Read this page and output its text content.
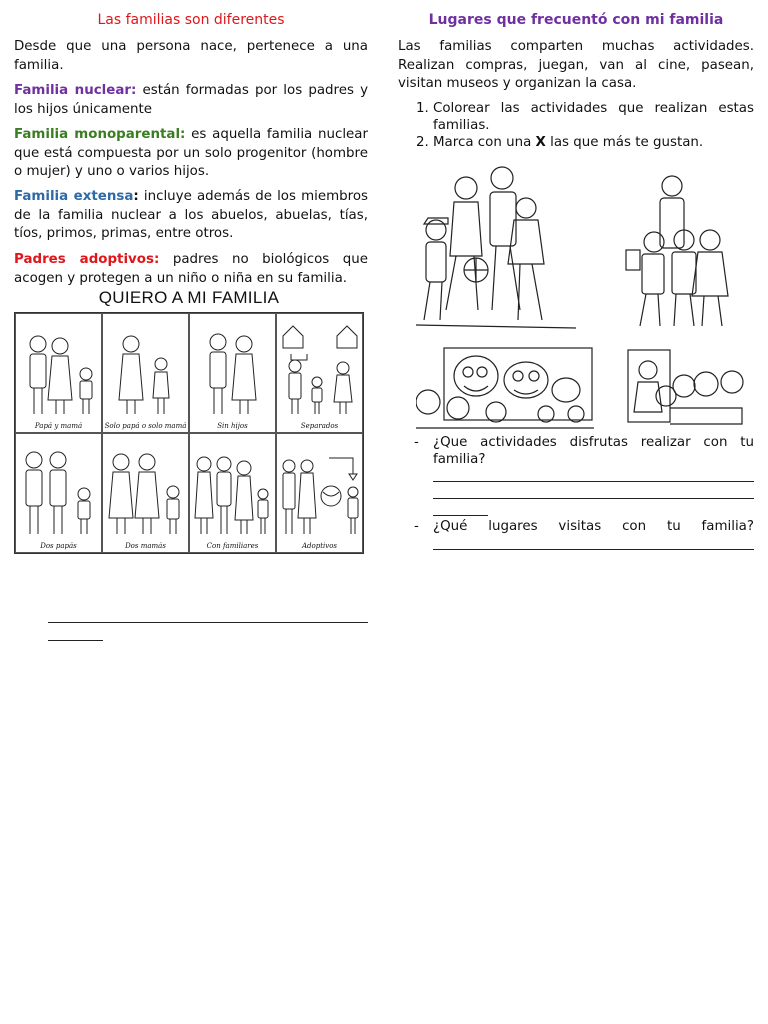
Las familias son diferentes

Desde que una persona nace, pertenece a una familia.

Familia nuclear: están formadas por los padres y los hijos únicamente

Familia monoparental: es aquella familia nuclear que está compuesta por un solo progenitor (hombre o mujer) y uno o varios hijos.

Familia extensa: incluye además de los miembros de la familia nuclear a los abuelos, abuelas, tías, tíos, primos, primas, entre otros.

Padres adoptivos: padres no biológicos que acogen y protegen a un niño o niña en su familia.

QUIERO A MI FAMILIA
Papá y mamá	Solo papá o solo mamá	Sin hijos	Separados
Dos papás	Dos mamás	Con familiares	Adoptivos
Lugares que frecuentó con mi familia

Las familias comparten muchas actividades. Realizan compras, juegan, van al cine, pasean, visitan museos y organizan la casa.

1. Colorear las actividades que realizan estas familias.
2. Marca con una X las que más te gustan.
- ¿Que actividades disfrutas realizar con tu familia?
- ¿Qué lugares visitas con tu familia?
